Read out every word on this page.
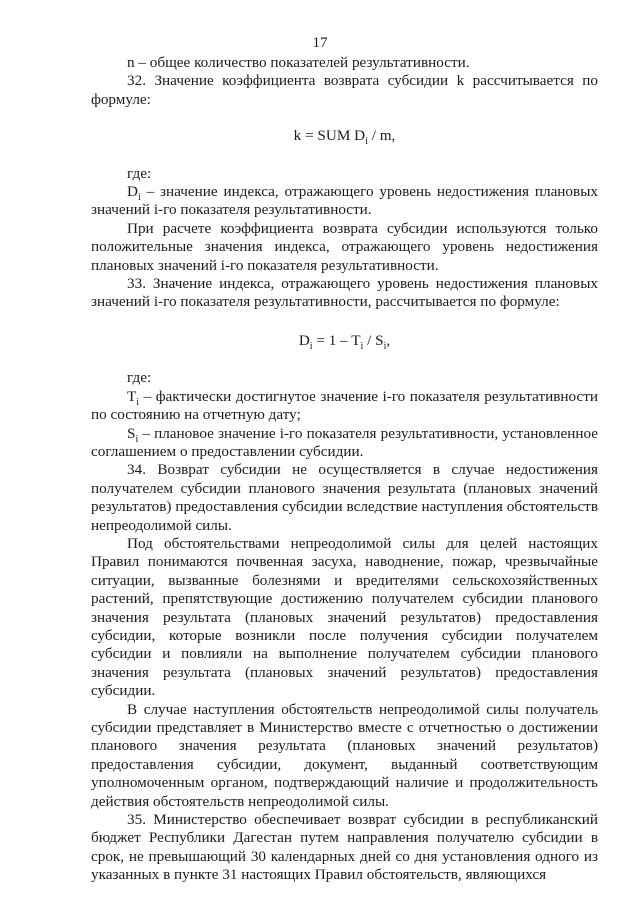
17

n – общее количество показателей результативности.

32. Значение коэффициента возврата субсидии k рассчитывается по формуле:

k = SUM $D_i$ / m,

где:

$D_i$ – значение индекса, отражающего уровень недостижения плановых значений i-го показателя результативности.

При расчете коэффициента возврата субсидии используются только положительные значения индекса, отражающего уровень недостижения плановых значений i-го показателя результативности.

33. Значение индекса, отражающего уровень недостижения плановых значений i-го показателя результативности, рассчитывается по формуле:

$D_i = 1 - T_i / S_i$,

где:

$T_i$ – фактически достигнутое значение i-го показателя результативности по состоянию на отчетную дату;

$S_i$ – плановое значение i-го показателя результативности, установленное соглашением о предоставлении субсидии.

34. Возврат субсидии не осуществляется в случае недостижения получателем субсидии планового значения результата (плановых значений результатов) предоставления субсидии вследствие наступления обстоятельств непреодолимой силы.

Под обстоятельствами непреодолимой силы для целей настоящих Правил понимаются почвенная засуха, наводнение, пожар, чрезвычайные ситуации, вызванные болезнями и вредителями сельскохозяйственных растений, препятствующие достижению получателем субсидии планового значения результата (плановых значений результатов) предоставления субсидии, которые возникли после получения субсидии получателем субсидии и повлияли на выполнение получателем субсидии планового значения результата (плановых значений результатов) предоставления субсидии.

В случае наступления обстоятельств непреодолимой силы получатель субсидии представляет в Министерство вместе с отчетностью о достижении планового значения результата (плановых значений результатов) предоставления субсидии, документ, выданный соответствующим уполномоченным органом, подтверждающий наличие и продолжительность действия обстоятельств непреодолимой силы.

35. Министерство обеспечивает возврат субсидии в республиканский бюджет Республики Дагестан путем направления получателю субсидии в срок, не превышающий 30 календарных дней со дня установления одного из указанных в пункте 31 настоящих Правил обстоятельств, являющихся
